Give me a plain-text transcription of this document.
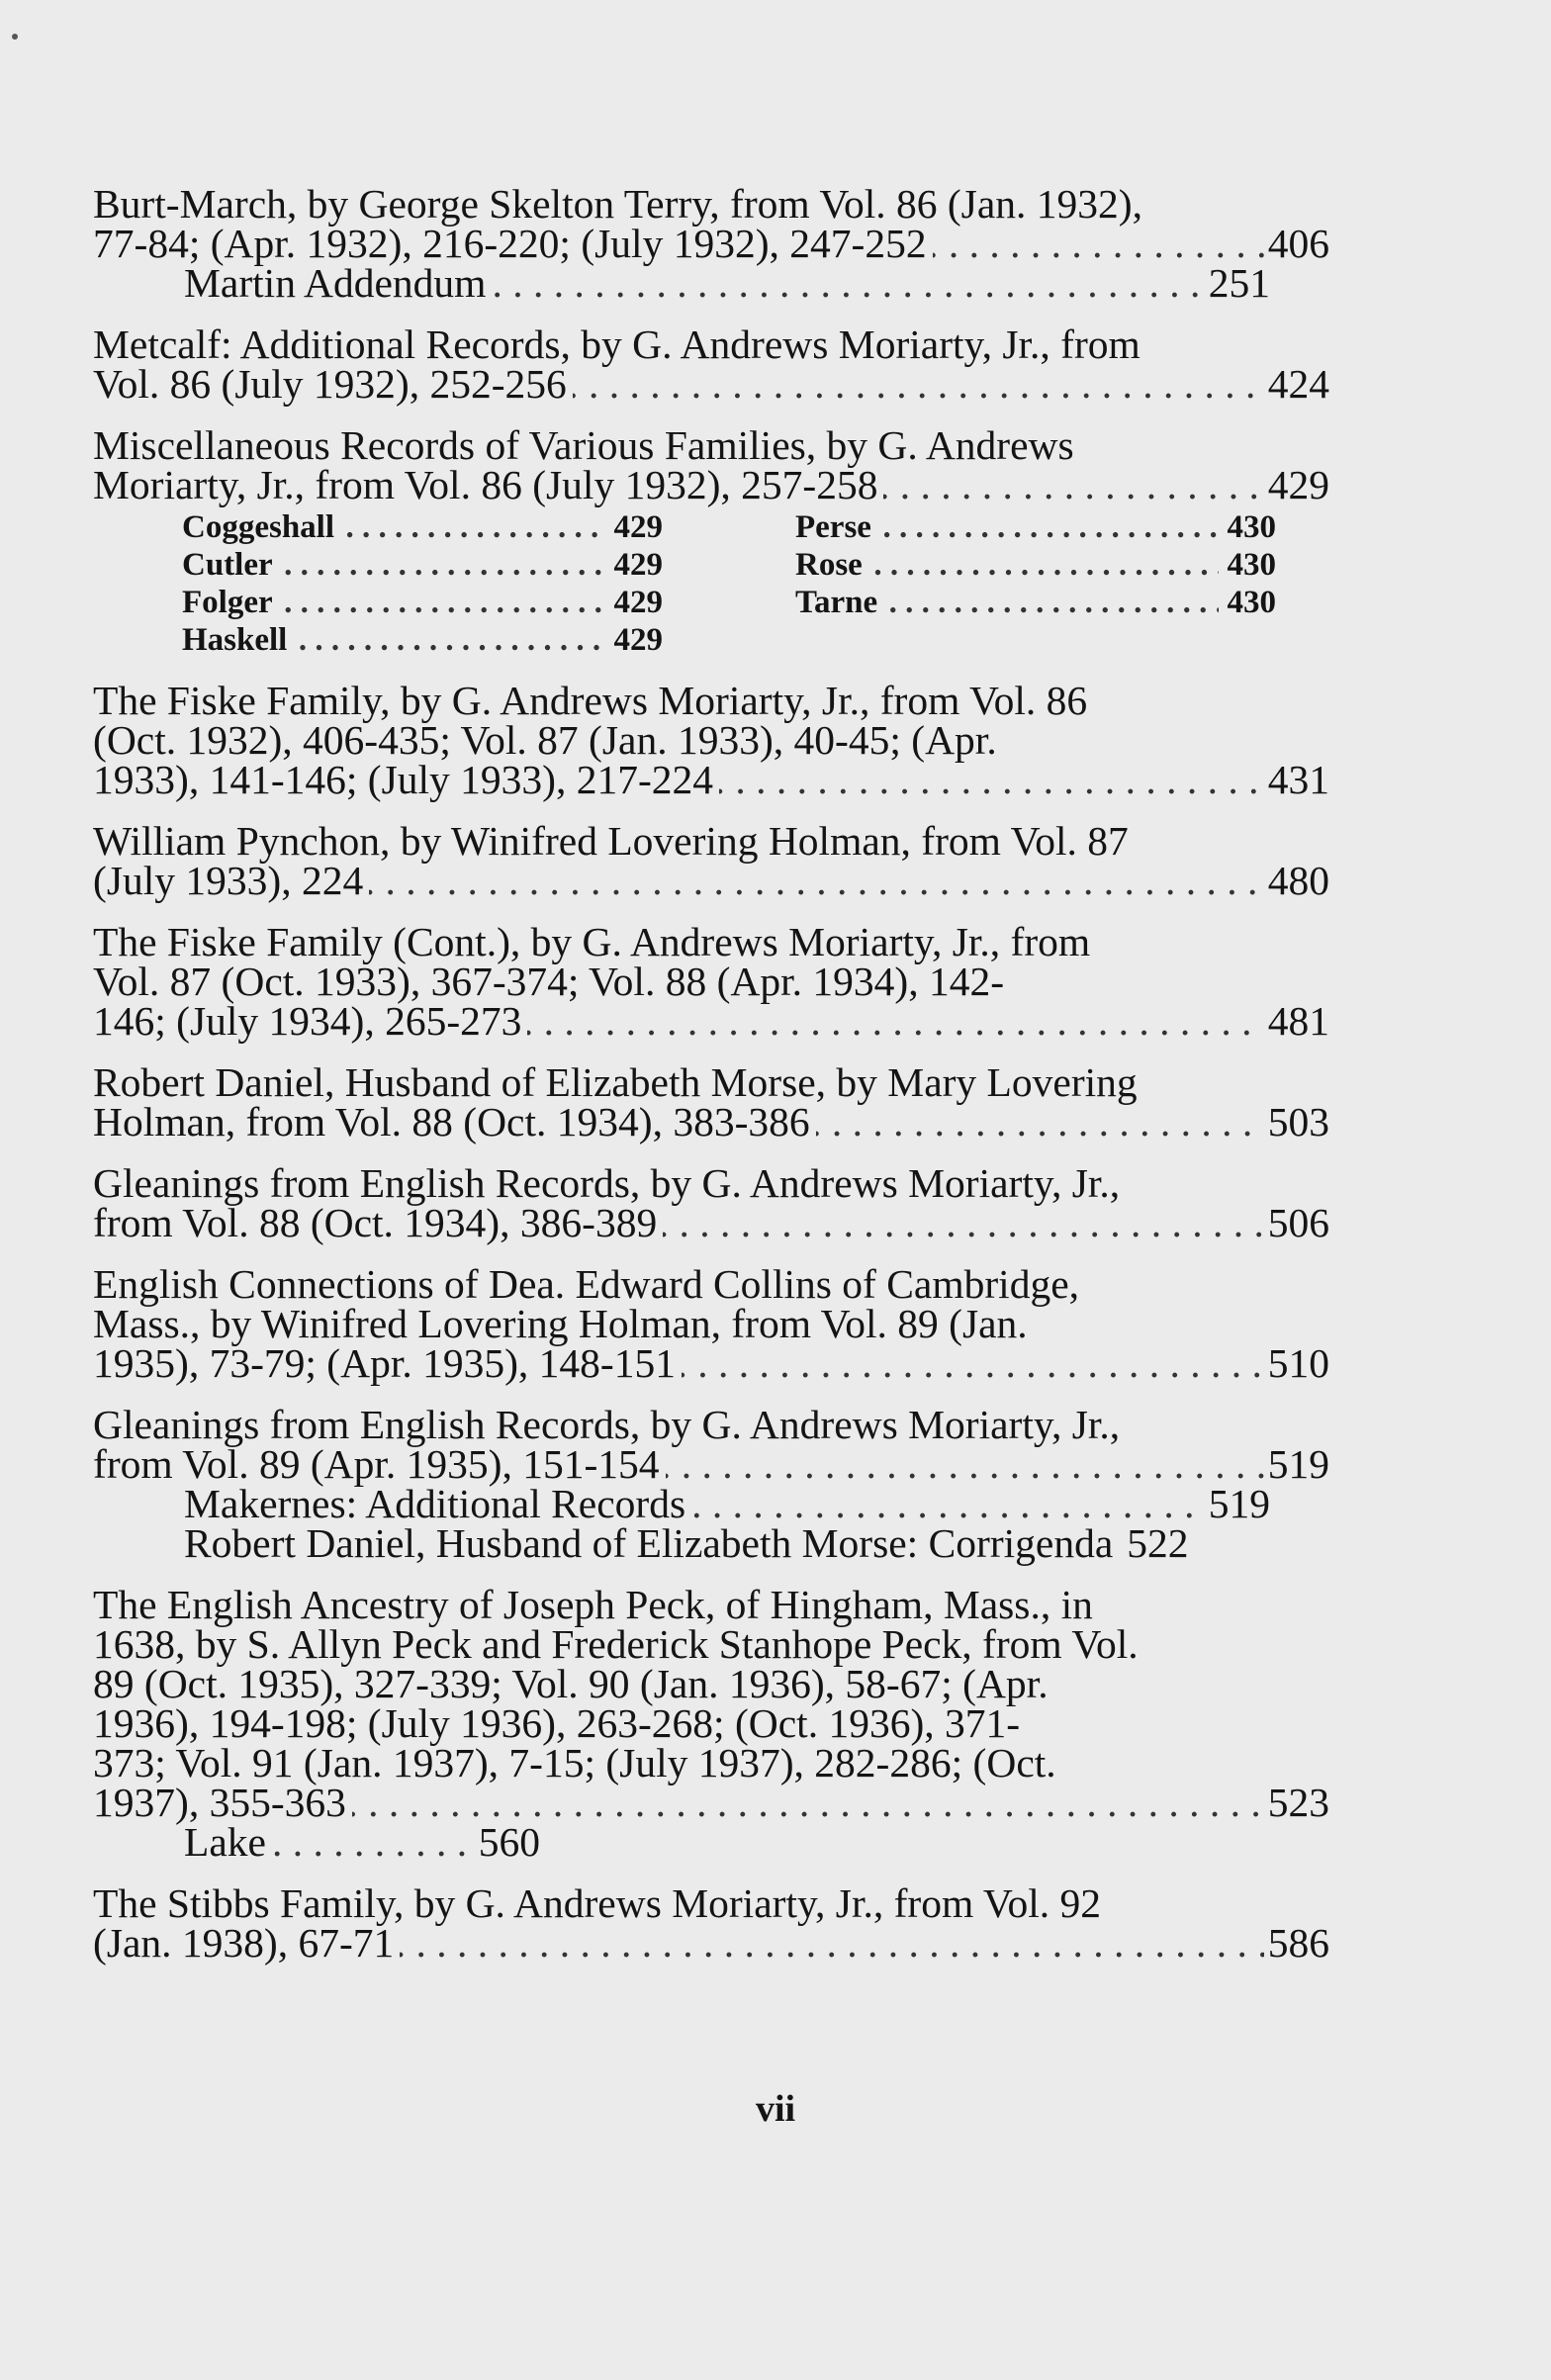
Burt-March, by George Skelton Terry, from Vol. 86 (Jan. 1932),
77-84; (Apr. 1932), 216-220; (July 1932), 247-252 . . .	406
Martin Addendum . . .	251
Metcalf: Additional Records, by G. Andrews Moriarty, Jr., from
Vol. 86 (July 1932), 252-256 . . .	424
Miscellaneous Records of Various Families, by G. Andrews
Moriarty, Jr., from Vol. 86 (July 1932), 257-258 . . .	429
Coggeshall . . .	429	Perse . . .	430
Cutler . . .	429	Rose . . .	430
Folger . . .	429	Tarne . . .	430
Haskell . . .	429
The Fiske Family, by G. Andrews Moriarty, Jr., from Vol. 86
(Oct. 1932), 406-435; Vol. 87 (Jan. 1933), 40-45; (Apr.
1933), 141-146; (July 1933), 217-224 . . .	431
William Pynchon, by Winifred Lovering Holman, from Vol. 87
(July 1933), 224 . . .	480
The Fiske Family (Cont.), by G. Andrews Moriarty, Jr., from
Vol. 87 (Oct. 1933), 367-374; Vol. 88 (Apr. 1934), 142-
146; (July 1934), 265-273 . . .	481
Robert Daniel, Husband of Elizabeth Morse, by Mary Lovering
Holman, from Vol. 88 (Oct. 1934), 383-386 . . .	503
Gleanings from English Records, by G. Andrews Moriarty, Jr.,
from Vol. 88 (Oct. 1934), 386-389 . . .	506
English Connections of Dea. Edward Collins of Cambridge,
Mass., by Winifred Lovering Holman, from Vol. 89 (Jan.
1935), 73-79; (Apr. 1935), 148-151 . . .	510
Gleanings from English Records, by G. Andrews Moriarty, Jr.,
from Vol. 89 (Apr. 1935), 151-154 . . .	519
Makernes: Additional Records . . .	519
Robert Daniel, Husband of Elizabeth Morse: Corrigenda 522
The English Ancestry of Joseph Peck, of Hingham, Mass., in
1638, by S. Allyn Peck and Frederick Stanhope Peck, from Vol.
89 (Oct. 1935), 327-339; Vol. 90 (Jan. 1936), 58-67; (Apr.
1936), 194-198; (July 1936), 263-268; (Oct. 1936), 371-
373; Vol. 91 (Jan. 1937), 7-15; (July 1937), 282-286; (Oct.
1937), 355-363 . . .	523
Lake . . .	560
The Stibbs Family, by G. Andrews Moriarty, Jr., from Vol. 92
(Jan. 1938), 67-71 . . .	586
vii
